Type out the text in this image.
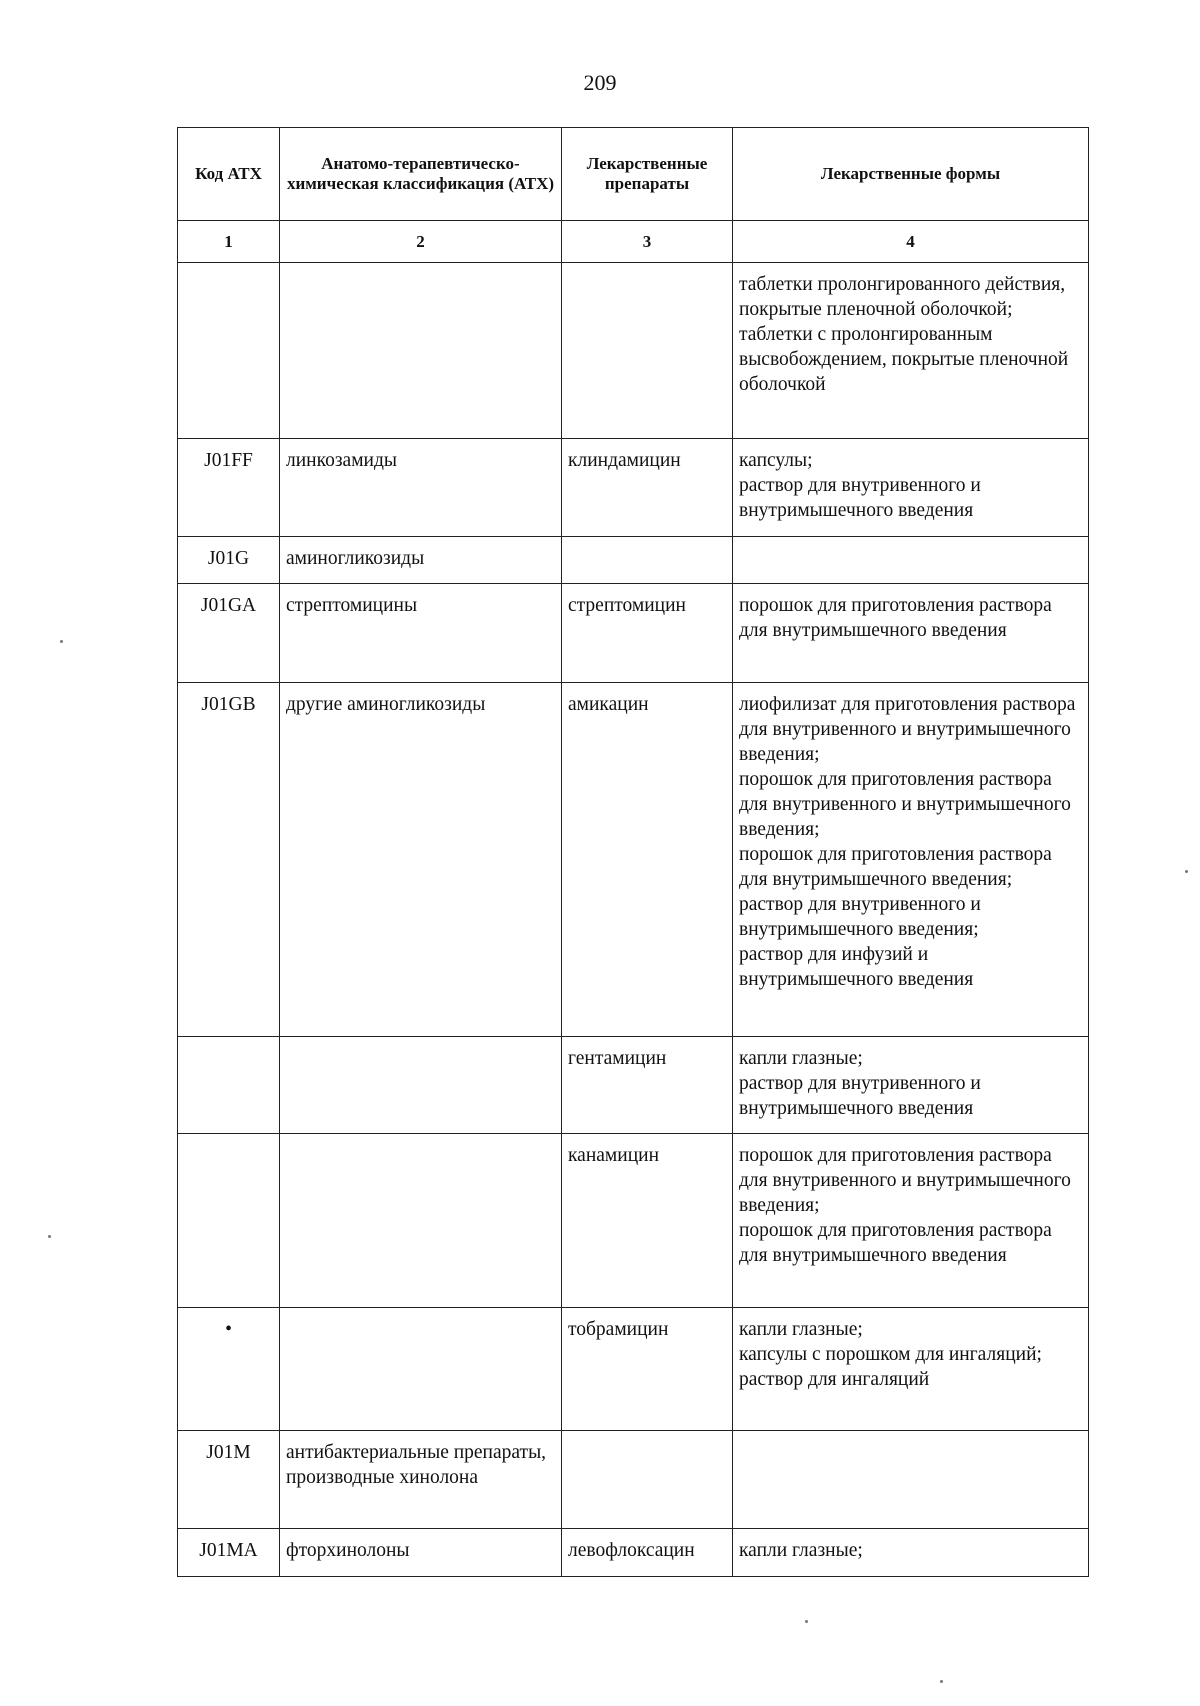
209
Код АТХ	Анатомо-терапевтическо-химическая классификация (АТХ)	Лекарственные препараты	Лекарственные формы
1	2	3	4
			таблетки пролонгированного действия, покрытые пленочной оболочкой;
таблетки с пролонгированным высвобождением, покрытые пленочной оболочкой
J01FF	линкозамиды	клиндамицин	капсулы;
раствор для внутривенного и внутримышечного введения
J01G	аминогликозиды		
J01GA	стрептомицины	стрептомицин	порошок для приготовления раствора для внутримышечного введения
J01GB	другие аминогликозиды	амикацин	лиофилизат для приготовления раствора для внутривенного и внутримышечного введения;
порошок для приготовления раствора для внутривенного и внутримышечного введения;
порошок для приготовления раствора для внутримышечного введения;
раствор для внутривенного и внутримышечного введения;
раствор для инфузий и внутримышечного введения
		гентамицин	капли глазные;
раствор для внутривенного и внутримышечного введения
		канамицин	порошок для приготовления раствора для внутривенного и внутримышечного введения;
порошок для приготовления раствора для внутримышечного введения
•		тобрамицин	капли глазные;
капсулы с порошком для ингаляций;
раствор для ингаляций
J01M	антибактериальные препараты, производные хинолона		
J01MA	фторхинолоны	левофлоксацин	капли глазные;
